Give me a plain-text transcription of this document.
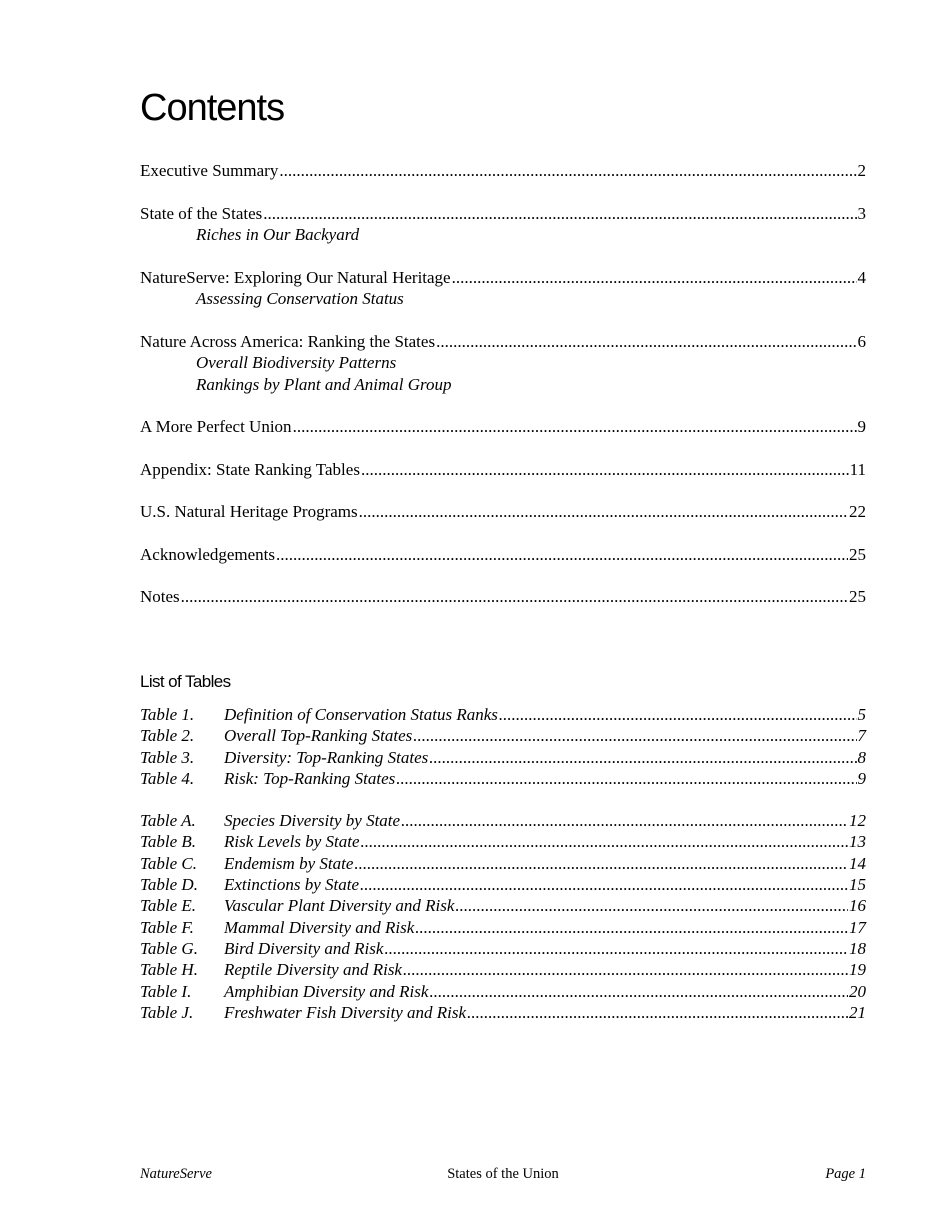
Contents
Executive Summary .....	2
State of the States .....	3
Riches in Our Backyard
NatureServe: Exploring Our Natural Heritage .....	4
Assessing Conservation Status
Nature Across America: Ranking the States .....	6
Overall Biodiversity Patterns
Rankings by Plant and Animal Group
A More Perfect Union .....	9
Appendix: State Ranking Tables .....	11
U.S. Natural Heritage Programs .....	22
Acknowledgements .....	25
Notes .....	25
List of Tables
Table 1.	Definition of Conservation Status Ranks .....	5
Table 2.	Overall Top-Ranking States .....	7
Table 3.	Diversity: Top-Ranking States .....	8
Table 4.	Risk: Top-Ranking States .....	9
Table A.	Species Diversity by State .....	12
Table B.	Risk Levels by State .....	13
Table C.	Endemism by State .....	14
Table D.	Extinctions by State .....	15
Table E.	Vascular Plant Diversity and Risk .....	16
Table F.	Mammal Diversity and Risk .....	17
Table G.	Bird Diversity and Risk .....	18
Table H.	Reptile Diversity and Risk .....	19
Table I.	Amphibian Diversity and Risk .....	20
Table J.	Freshwater Fish Diversity and Risk .....	21
NatureServe	States of the Union	Page 1
